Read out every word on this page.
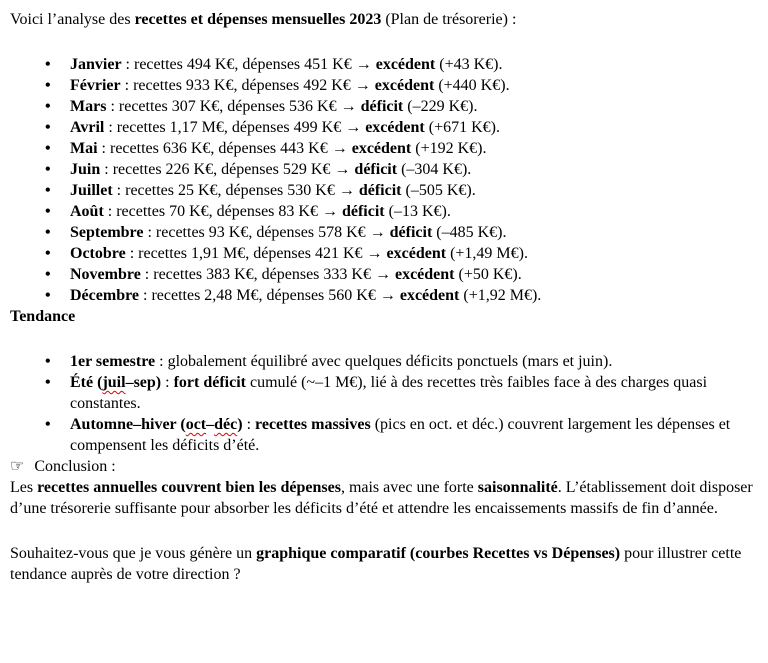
Voici l’analyse des recettes et dépenses mensuelles 2023 (Plan de trésorerie) :

• Janvier : recettes 494 K€, dépenses 451 K€ → excédent (+43 K€).
• Février : recettes 933 K€, dépenses 492 K€ → excédent (+440 K€).
• Mars : recettes 307 K€, dépenses 536 K€ → déficit (–229 K€).
• Avril : recettes 1,17 M€, dépenses 499 K€ → excédent (+671 K€).
• Mai : recettes 636 K€, dépenses 443 K€ → excédent (+192 K€).
• Juin : recettes 226 K€, dépenses 529 K€ → déficit (–304 K€).
• Juillet : recettes 25 K€, dépenses 530 K€ → déficit (–505 K€).
• Août : recettes 70 K€, dépenses 83 K€ → déficit (–13 K€).
• Septembre : recettes 93 K€, dépenses 578 K€ → déficit (–485 K€).
• Octobre : recettes 1,91 M€, dépenses 421 K€ → excédent (+1,49 M€).
• Novembre : recettes 383 K€, dépenses 333 K€ → excédent (+50 K€).
• Décembre : recettes 2,48 M€, dépenses 560 K€ → excédent (+1,92 M€).

Tendance

• 1er semestre : globalement équilibré avec quelques déficits ponctuels (mars et juin).
• Été (juil–sep) : fort déficit cumulé (~–1 M€), lié à des recettes très faibles face à des charges quasi constantes.
• Automne–hiver (oct–déc) : recettes massives (pics en oct. et déc.) couvrent largement les dépenses et compensent les déficits d’été.

☞ Conclusion :

Les recettes annuelles couvrent bien les dépenses, mais avec une forte saisonnalité. L’établissement doit disposer d’une trésorerie suffisante pour absorber les déficits d’été et attendre les encaissements massifs de fin d’année.

Souhaitez-vous que je vous génère un graphique comparatif (courbes Recettes vs Dépenses) pour illustrer cette tendance auprès de votre direction ?
